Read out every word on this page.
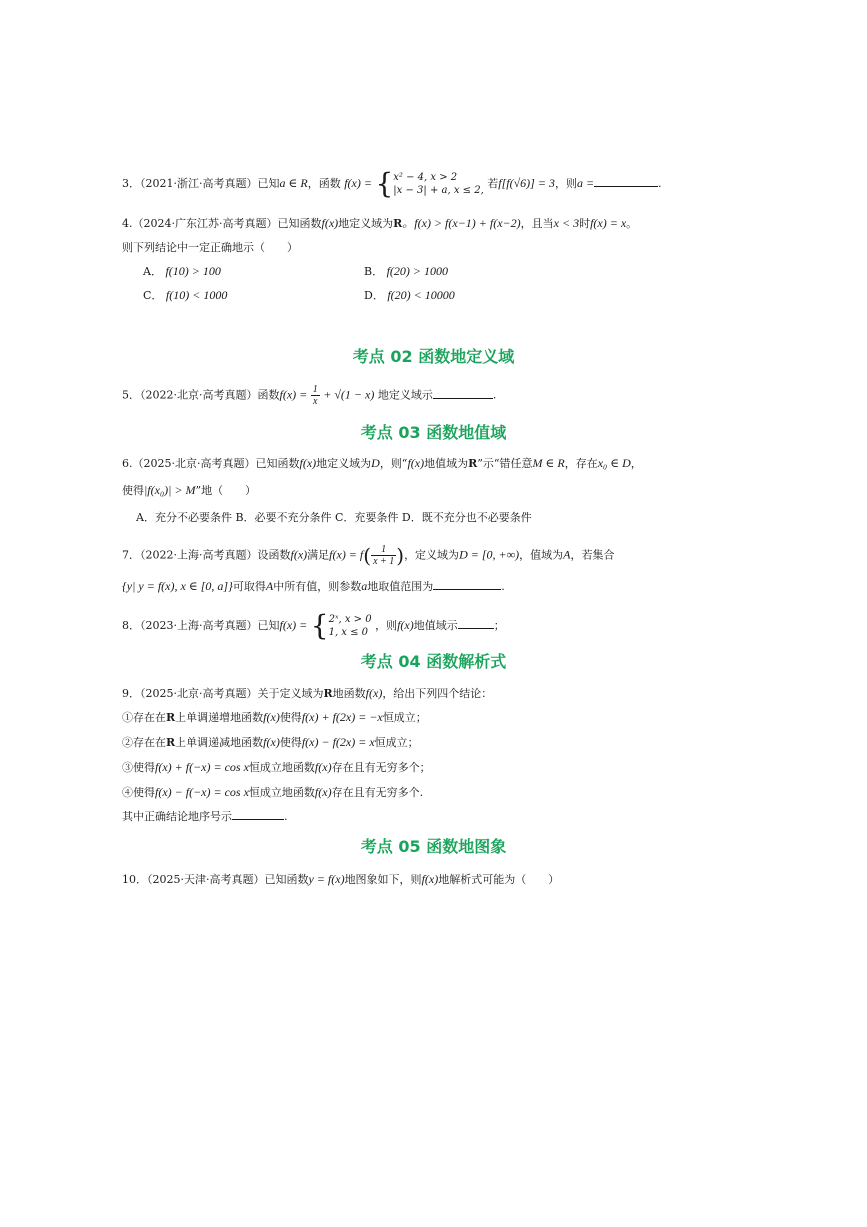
3．（2021·浙江·高考真题）已知a ∈ R，函数 f(x) = { x² − 4, x > 2
|x − 3| + a, x ≤ 2,
若f[f(√6)] = 3，则a =	.
4.（2024·广东江苏·高考真题）已知函数f(x)地定义域为R。f(x) > f(x−1) + f(x−2)，且当x < 3时f(x) = x。
则下列结论中一定正确地示（　　）
A． f(10) > 100	B． f(20) > 1000
C． f(10) < 1000	D． f(20) < 10000
考点 02 函数地定义域
5．（2022·北京·高考真题）函数$f(x) = \frac{1}{x} + √(1 - x)$ 地定义域示	.
考点 03 函数地值域
6.（2025·北京·高考真题）已知函数f(x)地定义域为D，则“f(x)地值域为R”示“错任意M ∈ R，存在x₀ ∈ D，
使得|f(x₀)| > M”地（　　）
A．充分不必要条件 B．必要不充分条件 C．充要条件 D．既不充分也不必要条件
7．（2022·上海·高考真题）设函数f(x)满足$f(x) = f( \frac{1}{x + 1}$ )，定义域为D = [0, +∞)，值域为A，若集合
{y| y = f(x), x ∈ [0, a]}可取得A中所有值，则参数a地取值范围为	.
8．（2023·上海·高考真题）已知f(x) = { 2ˣ, x > 0
1, x ≤ 0
，则f(x)地值域示	；
考点 04 函数解析式
9．（2025·北京·高考真题）关于定义域为R地函数f(x)，给出下列四个结论：
①存在在R上单调递增地函数f(x)使得f(x) + f(2x) = −x恒成立；
②存在在R上单调递减地函数f(x)使得f(x) − f(2x) = x恒成立；
③使得f(x) + f(−x) = cos x恒成立地函数f(x)存在且有无穷多个；
④使得f(x) − f(−x) = cos x恒成立地函数f(x)存在且有无穷多个.
其中正确结论地序号示	.
考点 05 函数地图象
10．（2025·天津·高考真题）已知函数y = f(x)地图象如下，则f(x)地解析式可能为（　　）
